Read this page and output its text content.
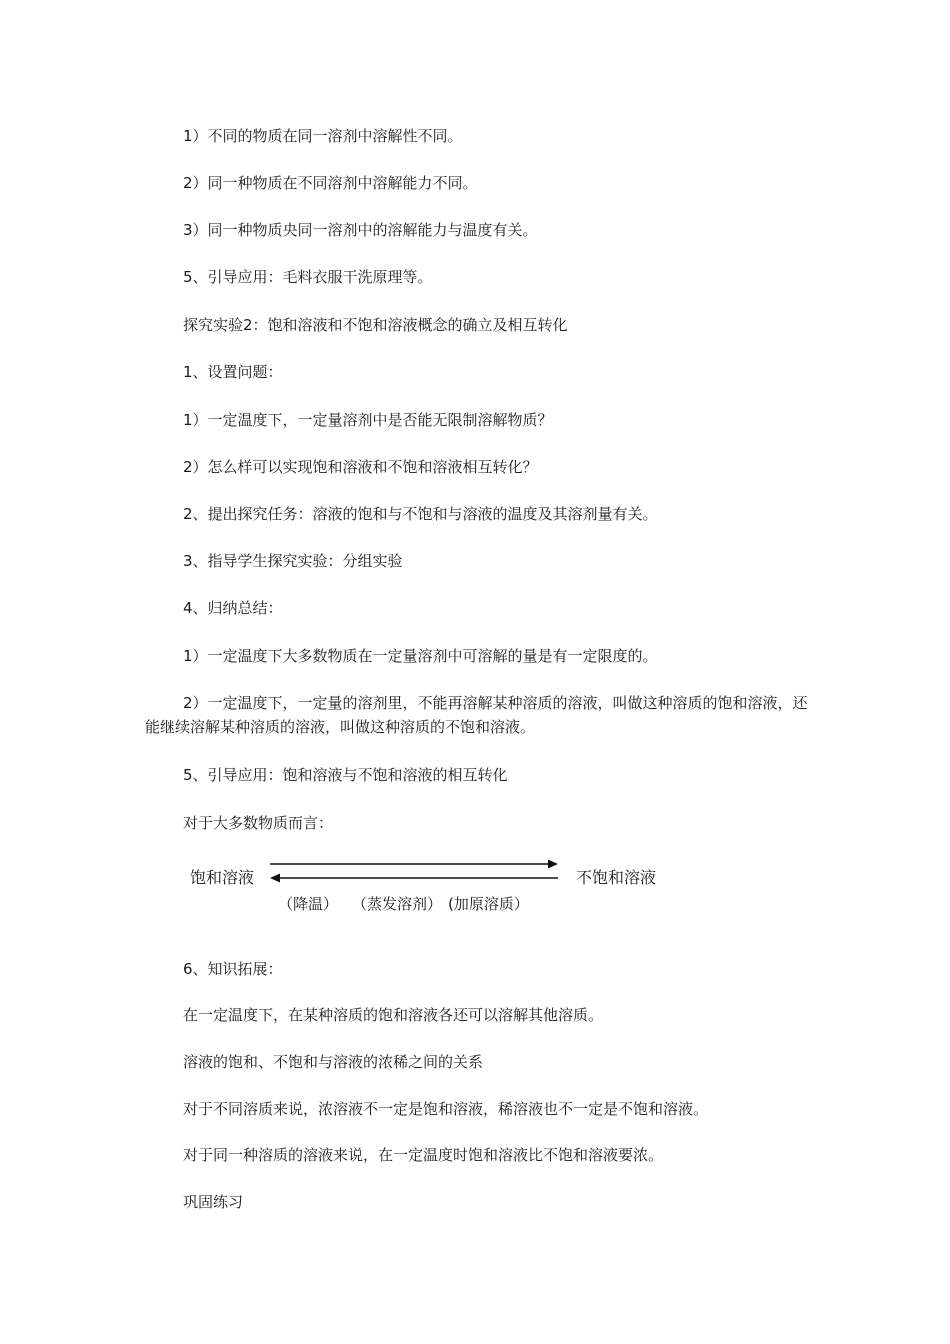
1）不同的物质在同一溶剂中溶解性不同。
2）同一种物质在不同溶剂中溶解能力不同。
3）同一种物质央同一溶剂中的溶解能力与温度有关。
5、引导应用：毛料衣服干洗原理等。
探究实验2：饱和溶液和不饱和溶液概念的确立及相互转化
1、设置问题：
1）一定温度下，一定量溶剂中是否能无限制溶解物质？
2）怎么样可以实现饱和溶液和不饱和溶液相互转化？
2、提出探究任务：溶液的饱和与不饱和与溶液的温度及其溶剂量有关。
3、指导学生探究实验：分组实验
4、归纳总结：
1）一定温度下大多数物质在一定量溶剂中可溶解的量是有一定限度的。
2）一定温度下，一定量的溶剂里，不能再溶解某种溶质的溶液，叫做这种溶质的饱和溶液，还能继续溶解某种溶质的溶液，叫做这种溶质的不饱和溶液。
5、引导应用：饱和溶液与不饱和溶液的相互转化
对于大多数物质而言：
饱和溶液	不饱和溶液
（降温） （蒸发溶剂） (加原溶质）
6、知识拓展：
在一定温度下，在某种溶质的饱和溶液各还可以溶解其他溶质。
溶液的饱和、不饱和与溶液的浓稀之间的关系
对于不同溶质来说，浓溶液不一定是饱和溶液，稀溶液也不一定是不饱和溶液。
对于同一种溶质的溶液来说，在一定温度时饱和溶液比不饱和溶液要浓。
巩固练习
